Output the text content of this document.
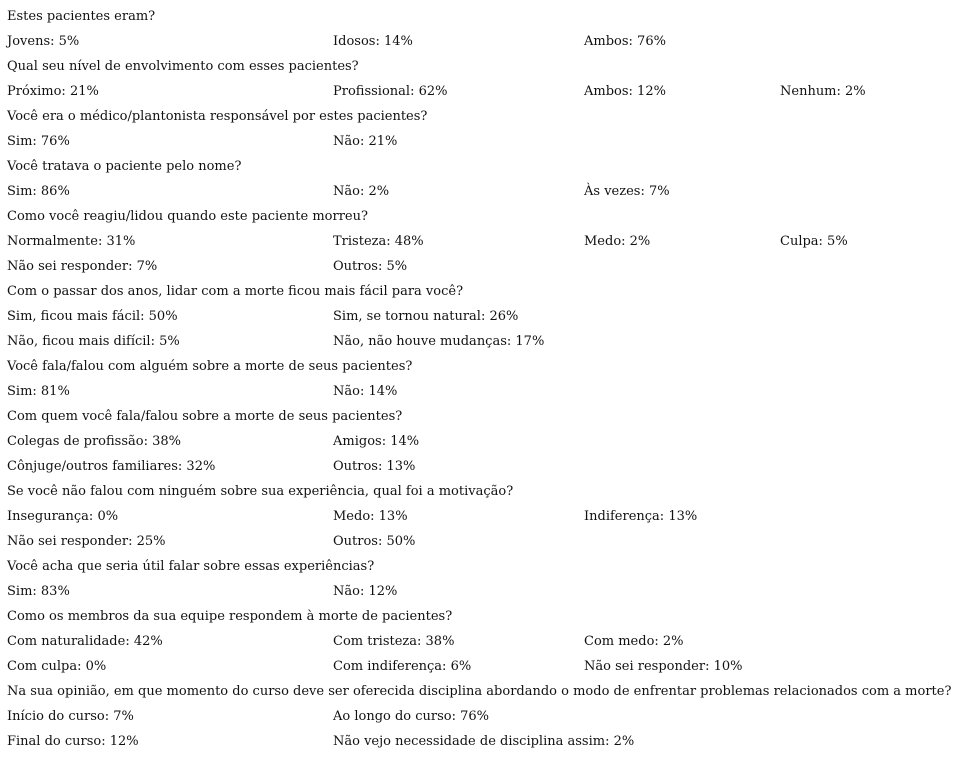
Estes pacientes eram?
Jovens: 5%	Idosos: 14%	Ambos: 76%
Qual seu nível de envolvimento com esses pacientes?
Próximo: 21%	Profissional: 62%	Ambos: 12%	Nenhum: 2%
Você era o médico/plantonista responsável por estes pacientes?
Sim: 76%	Não: 21%
Você tratava o paciente pelo nome?
Sim: 86%	Não: 2%	Às vezes: 7%
Como você reagiu/lidou quando este paciente morreu?
Normalmente: 31%	Tristeza: 48%	Medo: 2%	Culpa: 5%
Não sei responder: 7%	Outros: 5%
Com o passar dos anos, lidar com a morte ficou mais fácil para você?
Sim, ficou mais fácil: 50%	Sim, se tornou natural: 26%
Não, ficou mais difícil: 5%	Não, não houve mudanças: 17%
Você fala/falou com alguém sobre a morte de seus pacientes?
Sim: 81%	Não: 14%
Com quem você fala/falou sobre a morte de seus pacientes?
Colegas de profissão: 38%	Amigos: 14%
Cônjuge/outros familiares: 32%	Outros: 13%
Se você não falou com ninguém sobre sua experiência, qual foi a motivação?
Insegurança: 0%	Medo: 13%	Indiferença: 13%
Não sei responder: 25%	Outros: 50%
Você acha que seria útil falar sobre essas experiências?
Sim: 83%	Não: 12%
Como os membros da sua equipe respondem à morte de pacientes?
Com naturalidade: 42%	Com tristeza: 38%	Com medo: 2%
Com culpa: 0%	Com indiferença: 6%	Não sei responder: 10%
Na sua opinião, em que momento do curso deve ser oferecida disciplina abordando o modo de enfrentar problemas relacionados com a morte?
Início do curso: 7%	Ao longo do curso: 76%
Final do curso: 12%	Não vejo necessidade de disciplina assim: 2%
